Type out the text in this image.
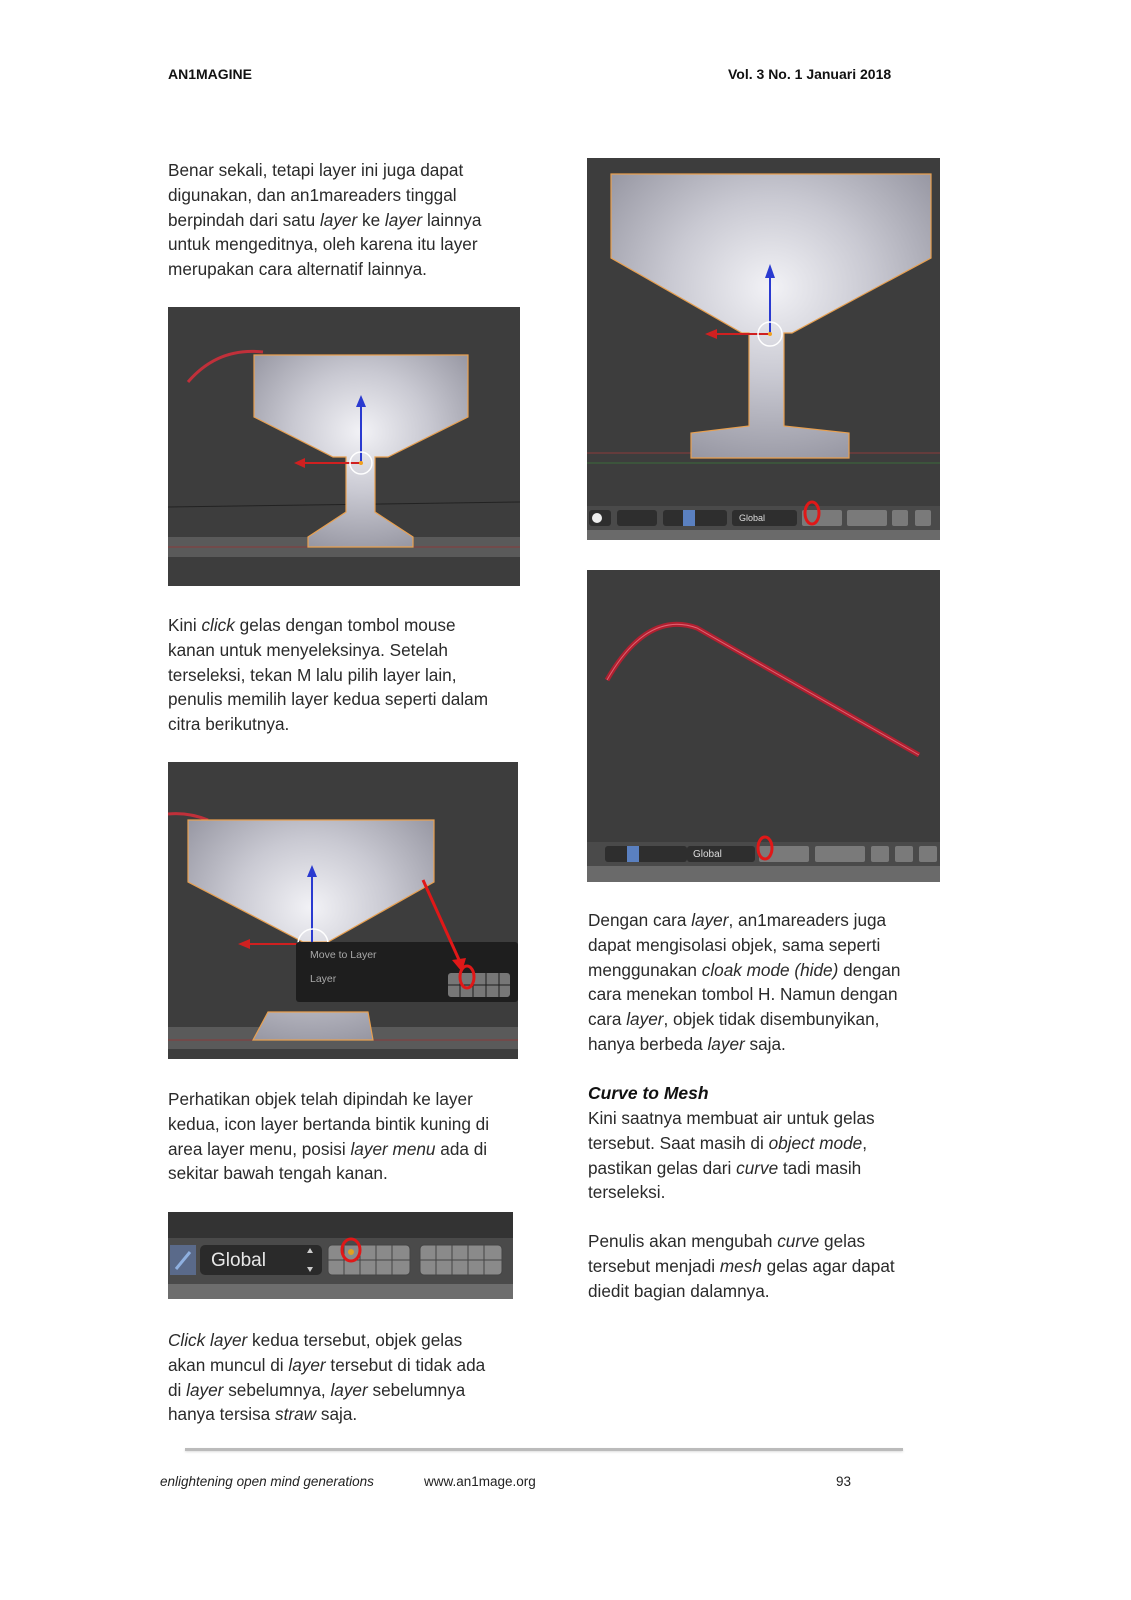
AN1MAGINE	Vol. 3 No. 1 Januari 2018
Benar sekali, tetapi layer ini juga dapat
digunakan, dan an1mareaders tinggal
berpindah dari satu layer ke layer lainnya
untuk mengeditnya, oleh karena itu layer
merupakan cara alternatif lainnya.
Kini click gelas dengan tombol mouse
kanan untuk menyeleksinya. Setelah
terseleksi, tekan M lalu pilih layer lain,
penulis memilih layer kedua seperti dalam
citra berikutnya.
Perhatikan objek telah dipindah ke layer
kedua, icon layer bertanda bintik kuning di
area layer menu, posisi layer menu ada di
sekitar bawah tengah kanan.
Click layer kedua tersebut, objek gelas
akan muncul di layer tersebut di tidak ada
di layer sebelumnya, layer sebelumnya
hanya tersisa straw saja.
Dengan cara layer, an1mareaders juga
dapat mengisolasi objek, sama seperti
menggunakan cloak mode (hide) dengan
cara menekan tombol H. Namun dengan
cara layer, objek tidak disembunyikan,
hanya berbeda layer saja.
Curve to Mesh
Kini saatnya membuat air untuk gelas
tersebut. Saat masih di object mode,
pastikan gelas dari curve tadi masih
terseleksi.
Penulis akan mengubah curve gelas
tersebut menjadi mesh gelas agar dapat
diedit bagian dalamnya.
Move to Layer
Layer
Global
Global
Global
enlightening open mind generations	www.an1mage.org	93
